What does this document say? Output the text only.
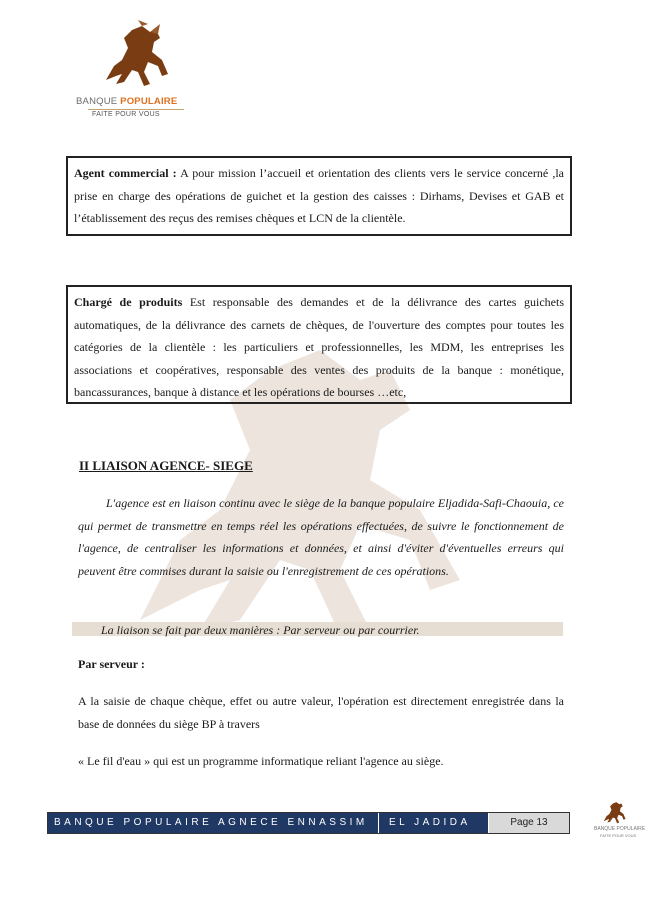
BANQUE POPULAIRE
FAITE POUR VOUS
Agent commercial : A pour mission l’accueil et orientation des clients vers le service concerné ,la prise en charge des opérations de guichet et la gestion des caisses : Dirhams, Devises et GAB et l’établissement des reçus des remises chèques et LCN de la clientèle.
Chargé de produits Est responsable des demandes et de la délivrance des cartes guichets automatiques, de la délivrance des carnets de chèques, de l'ouverture des comptes pour toutes les catégories de la clientèle : les particuliers et professionnelles, les MDM, les entreprises les associations et coopératives, responsable des ventes des produits de la banque : monétique, bancassurances, banque à distance et les opérations de bourses …etc,
II LIAISON AGENCE- SIEGE
L'agence est en liaison continu avec le siège de la banque populaire Eljadida-Safi-Chaouia, ce qui permet de transmettre en temps réel les opérations effectuées, de suivre le fonctionnement de l'agence, de centraliser les informations et données, et ainsi d'éviter d'éventuelles erreurs qui peuvent être commises durant la saisie ou l'enregistrement de ces opérations.
La liaison se fait par deux manières : Par serveur ou par courrier.
Par serveur :
A la saisie de chaque chèque, effet ou autre valeur, l'opération est directement enregistrée dans la base de données du siège BP à travers
« Le fil d'eau » qui est un programme informatique reliant l'agence au siège.
BANQUE POPULAIRE AGNECE ENNASSIM	EL JADIDA	Page 13
BANQUE POPULAIRE
FAITE POUR VOUS
